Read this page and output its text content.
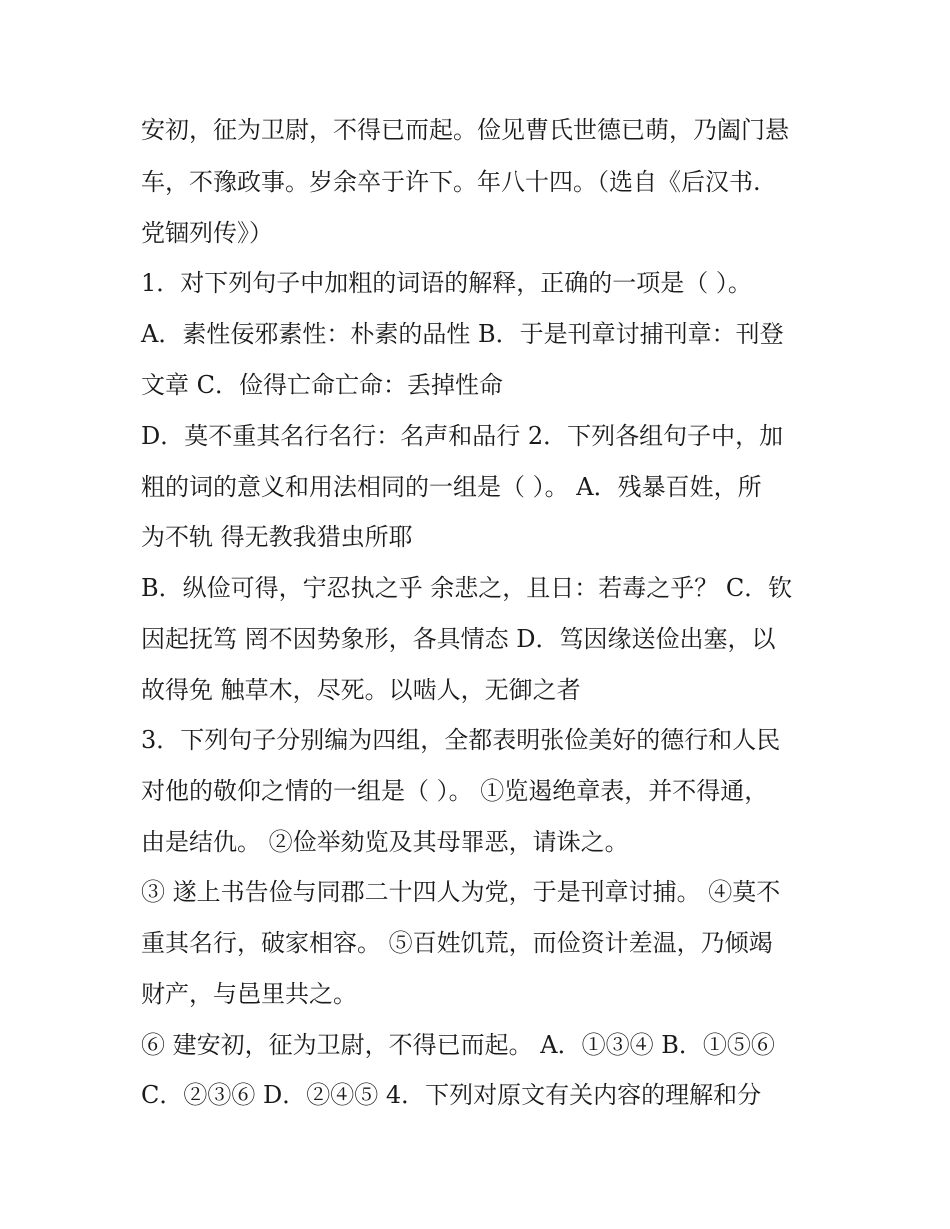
安初，征为卫尉，不得已而起。俭见曹氏世德已萌，乃阖门悬
车，不豫政事。岁余卒于许下。年八十四。（选自《后汉书.
党锢列传》）
1．对下列句子中加粗的词语的解释，正确的一项是（ ）。
A．素性佞邪素性：朴素的品性 B．于是刊章讨捕刊章：刊登
文章 C．俭得亡命亡命：丢掉性命
D．莫不重其名行名行：名声和品行 2．下列各组句子中，加
粗的词的意义和用法相同的一组是（ ）。 A．残暴百姓，所
为不轨 得无教我猎虫所耶
B．纵俭可得，宁忍执之乎 余悲之，且日：若毒之乎？ C．钦
因起抚笃 罔不因势象形，各具情态 D．笃因缘送俭出塞，以
故得免 触草木，尽死。以啮人，无御之者
3．下列句子分别编为四组，全都表明张俭美好的德行和人民
对他的敬仰之情的一组是（ ）。 ①览遏绝章表，并不得通，
由是结仇。 ②俭举劾览及其母罪恶，请诛之。
③ 遂上书告俭与同郡二十四人为党，于是刊章讨捕。 ④莫不
重其名行，破家相容。 ⑤百姓饥荒，而俭资计差温，乃倾竭
财产，与邑里共之。
⑥ 建安初，征为卫尉，不得已而起。 A．①③④ B．①⑤⑥
C．②③⑥ D．②④⑤ 4．下列对原文有关内容的理解和分
